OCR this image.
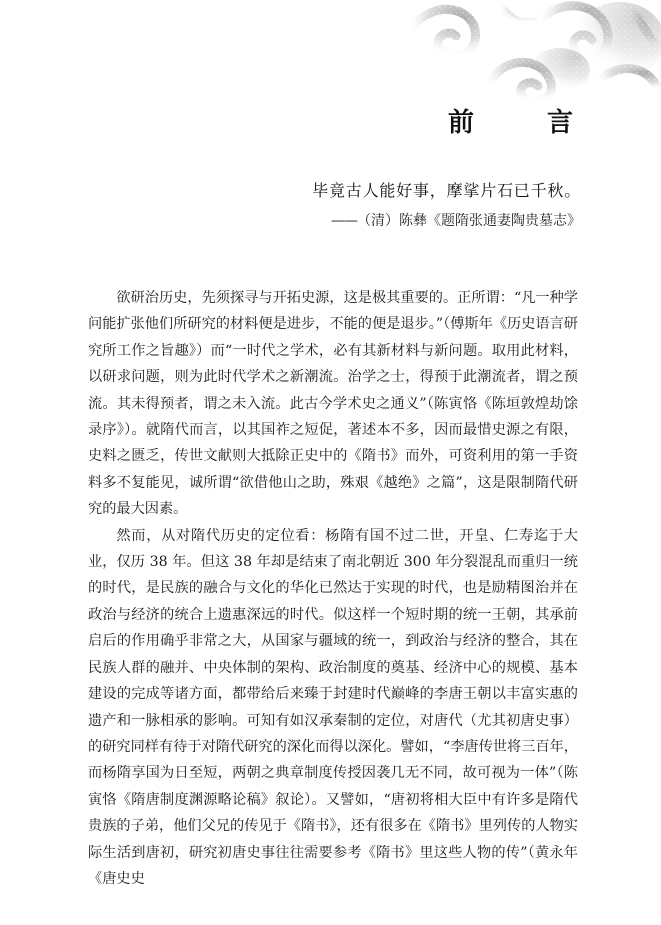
前 言
毕竟古人能好事，摩挲片石已千秋。
——（清）陈彝《题隋张通妻陶贵墓志》

欲研治历史，先须探寻与开拓史源，这是极其重要的。正所谓：“凡一种学问能扩张他们所研究的材料便是进步，不能的便是退步。”（傅斯年《历史语言研究所工作之旨趣》）而“一时代之学术，必有其新材料与新问题。取用此材料，以研求问题，则为此时代学术之新潮流。治学之士，得预于此潮流者，谓之预流。其未得预者，谓之未入流。此古今学术史之通义”（陈寅恪《陈垣敦煌劫馀录序》）。就隋代而言，以其国祚之短促，著述本不多，因而最惜史源之有限，史料之匮乏，传世文献则大抵除正史中的《隋书》而外，可资利用的第一手资料多不复能见，诚所谓“欲借他山之助，殊艰《越绝》之篇”，这是限制隋代研究的最大因素。

然而，从对隋代历史的定位看：杨隋有国不过二世，开皇、仁寿迄于大业，仅历 38 年。但这 38 年却是结束了南北朝近 300 年分裂混乱而重归一统的时代，是民族的融合与文化的华化已然达于实现的时代，也是励精图治并在政治与经济的统合上遗惠深远的时代。似这样一个短时期的统一王朝，其承前启后的作用确乎非常之大，从国家与疆域的统一，到政治与经济的整合，其在民族人群的融并、中央体制的架构、政治制度的奠基、经济中心的规模、基本建设的完成等诸方面，都带给后来臻于封建时代巅峰的李唐王朝以丰富实惠的遗产和一脉相承的影响。可知有如汉承秦制的定位，对唐代（尤其初唐史事）的研究同样有待于对隋代研究的深化而得以深化。譬如，“李唐传世将三百年，而杨隋享国为日至短，两朝之典章制度传授因袭几无不同，故可视为一体”（陈寅恪《隋唐制度渊源略论稿》叙论）。又譬如，“唐初将相大臣中有许多是隋代贵族的子弟，他们父兄的传见于《隋书》，还有很多在《隋书》里列传的人物实际生活到唐初，研究初唐史事往往需要参考《隋书》里这些人物的传”（黄永年《唐史史
